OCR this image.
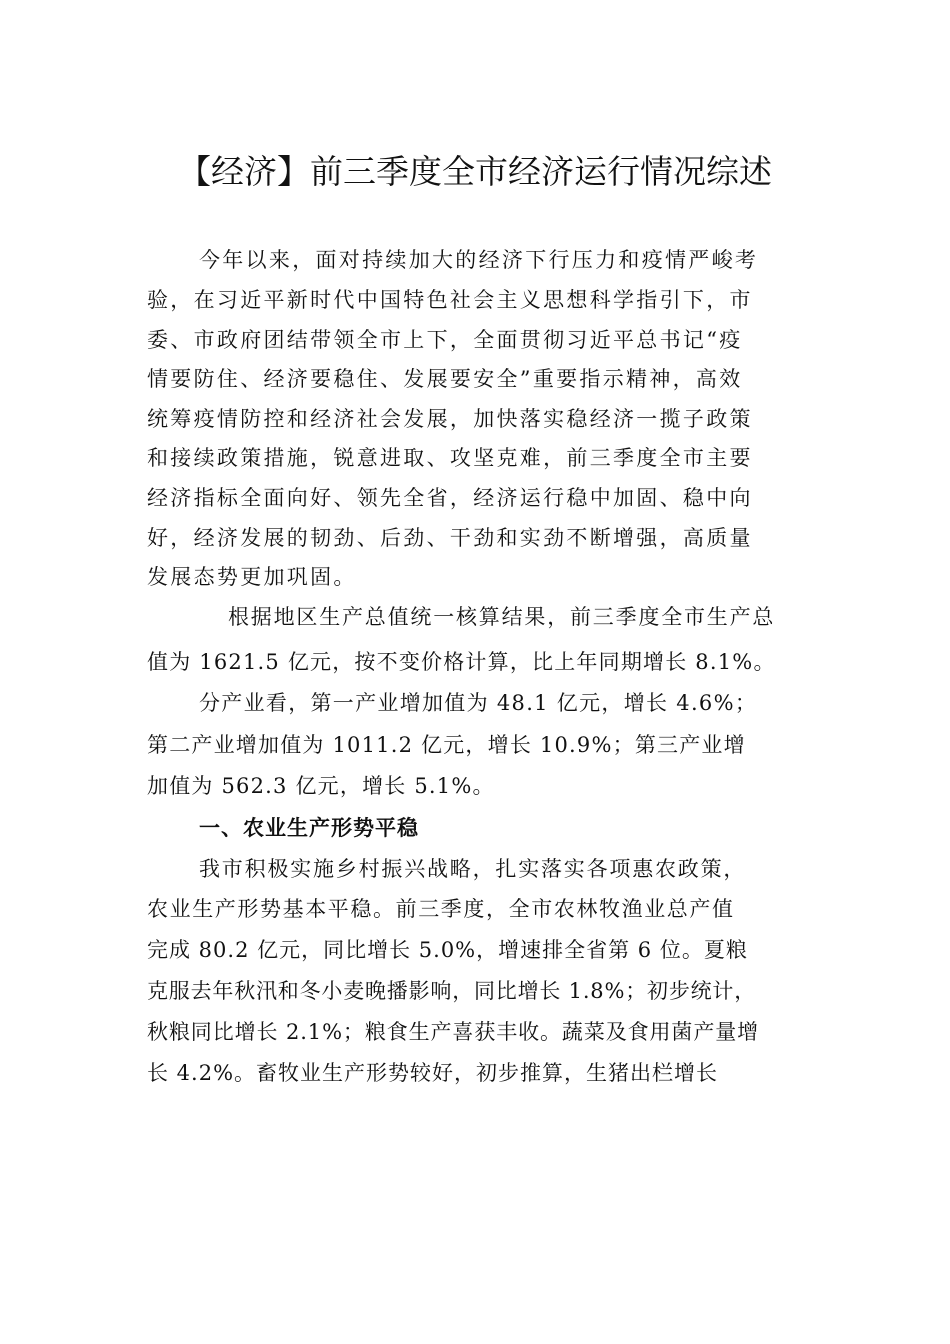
【经济】前三季度全市经济运行情况综述
今年以来，面对持续加大的经济下行压力和疫情严峻考
验，在习近平新时代中国特色社会主义思想科学指引下，市
委、市政府团结带领全市上下，全面贯彻习近平总书记“疫
情要防住、经济要稳住、发展要安全”重要指示精神，高效
统筹疫情防控和经济社会发展，加快落实稳经济一揽子政策
和接续政策措施，锐意进取、攻坚克难，前三季度全市主要
经济指标全面向好、领先全省，经济运行稳中加固、稳中向
好，经济发展的韧劲、后劲、干劲和实劲不断增强，高质量
发展态势更加巩固。
根据地区生产总值统一核算结果，前三季度全市生产总
值为 1621.5 亿元，按不变价格计算，比上年同期增长 8.1%。
分产业看，第一产业增加值为 48.1 亿元，增长 4.6%；
第二产业增加值为 1011.2 亿元，增长 10.9%；第三产业增
加值为 562.3 亿元，增长 5.1%。
一、农业生产形势平稳
我市积极实施乡村振兴战略，扎实落实各项惠农政策，
农业生产形势基本平稳。前三季度，全市农林牧渔业总产值
完成 80.2 亿元，同比增长 5.0%，增速排全省第 6 位。夏粮
克服去年秋汛和冬小麦晚播影响，同比增长 1.8%；初步统计，
秋粮同比增长 2.1%；粮食生产喜获丰收。蔬菜及食用菌产量增
长 4.2%。畜牧业生产形势较好，初步推算，生猪出栏增长
